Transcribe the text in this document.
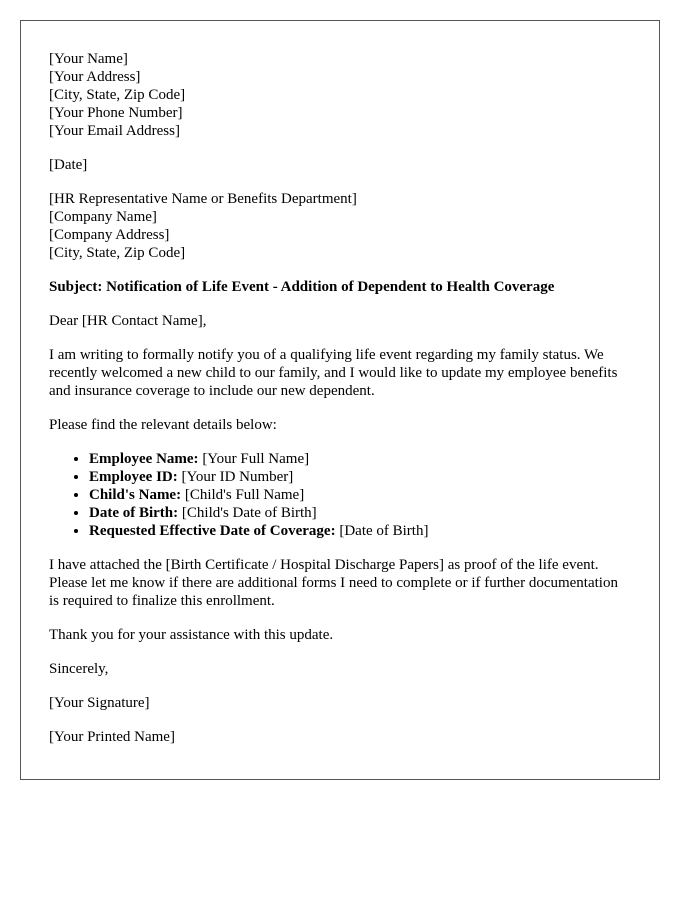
[Your Name]
[Your Address]
[City, State, Zip Code]
[Your Phone Number]
[Your Email Address]

[Date]

[HR Representative Name or Benefits Department]
[Company Name]
[Company Address]
[City, State, Zip Code]

Subject: Notification of Life Event - Addition of Dependent to Health Coverage

Dear [HR Contact Name],

I am writing to formally notify you of a qualifying life event regarding my family status. We recently welcomed a new child to our family, and I would like to update my employee benefits and insurance coverage to include our new dependent.

Please find the relevant details below:

• Employee Name: [Your Full Name]
• Employee ID: [Your ID Number]
• Child's Name: [Child's Full Name]
• Date of Birth: [Child's Date of Birth]
• Requested Effective Date of Coverage: [Date of Birth]

I have attached the [Birth Certificate / Hospital Discharge Papers] as proof of the life event. Please let me know if there are additional forms I need to complete or if further documentation is required to finalize this enrollment.

Thank you for your assistance with this update.

Sincerely,

[Your Signature]

[Your Printed Name]
